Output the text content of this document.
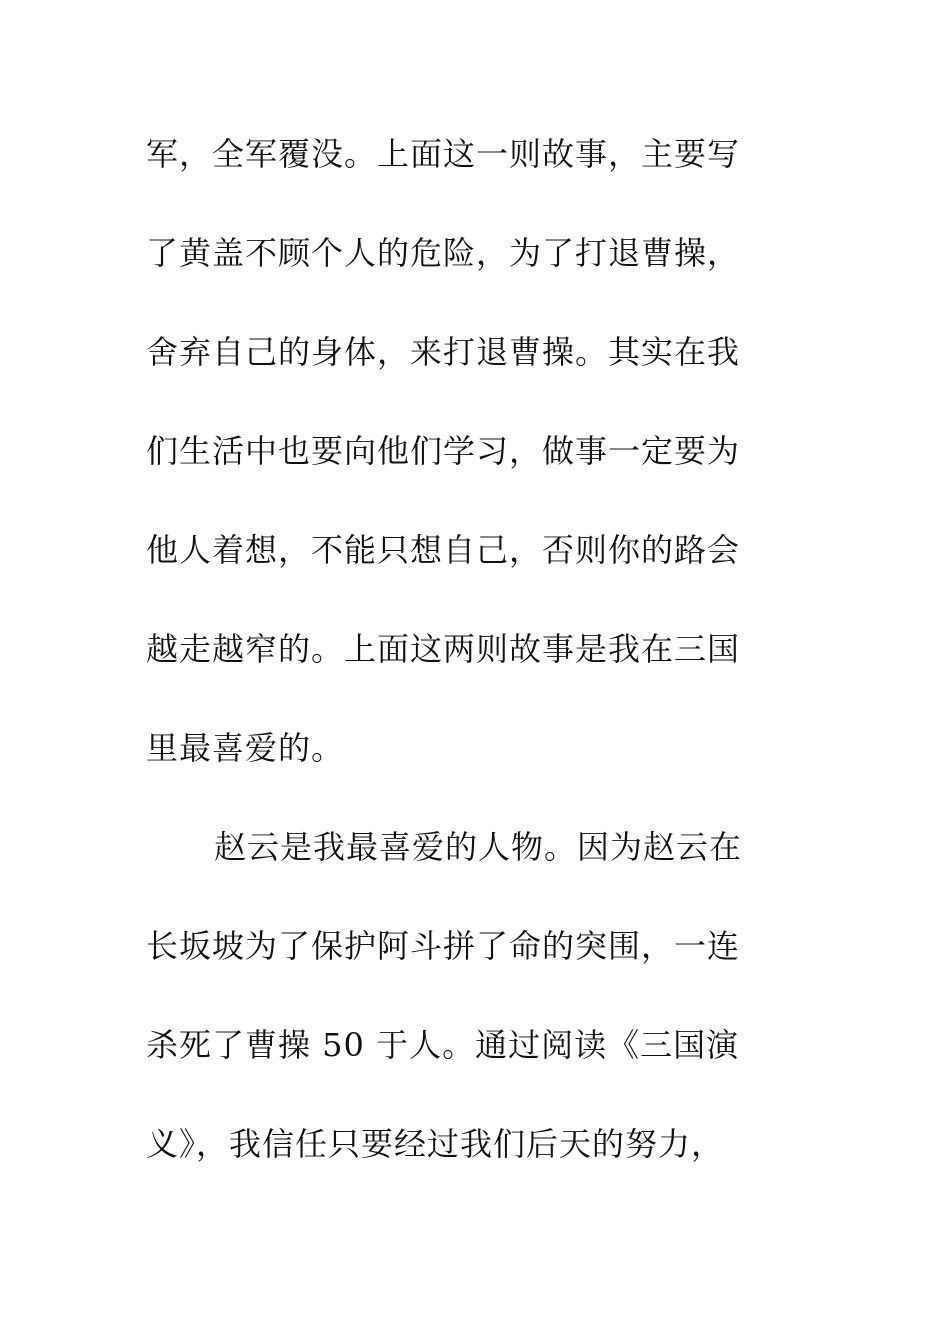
军，全军覆没。上面这一则故事，主要写
了黄盖不顾个人的危险，为了打退曹操，
舍弃自己的身体，来打退曹操。其实在我
们生活中也要向他们学习，做事一定要为
他人着想，不能只想自己，否则你的路会
越走越窄的。上面这两则故事是我在三国
里最喜爱的。
赵云是我最喜爱的人物。因为赵云在
长坂坡为了保护阿斗拼了命的突围，一连
杀死了曹操 50 于人。通过阅读《三国演
义》，我信任只要经过我们后天的努力，
